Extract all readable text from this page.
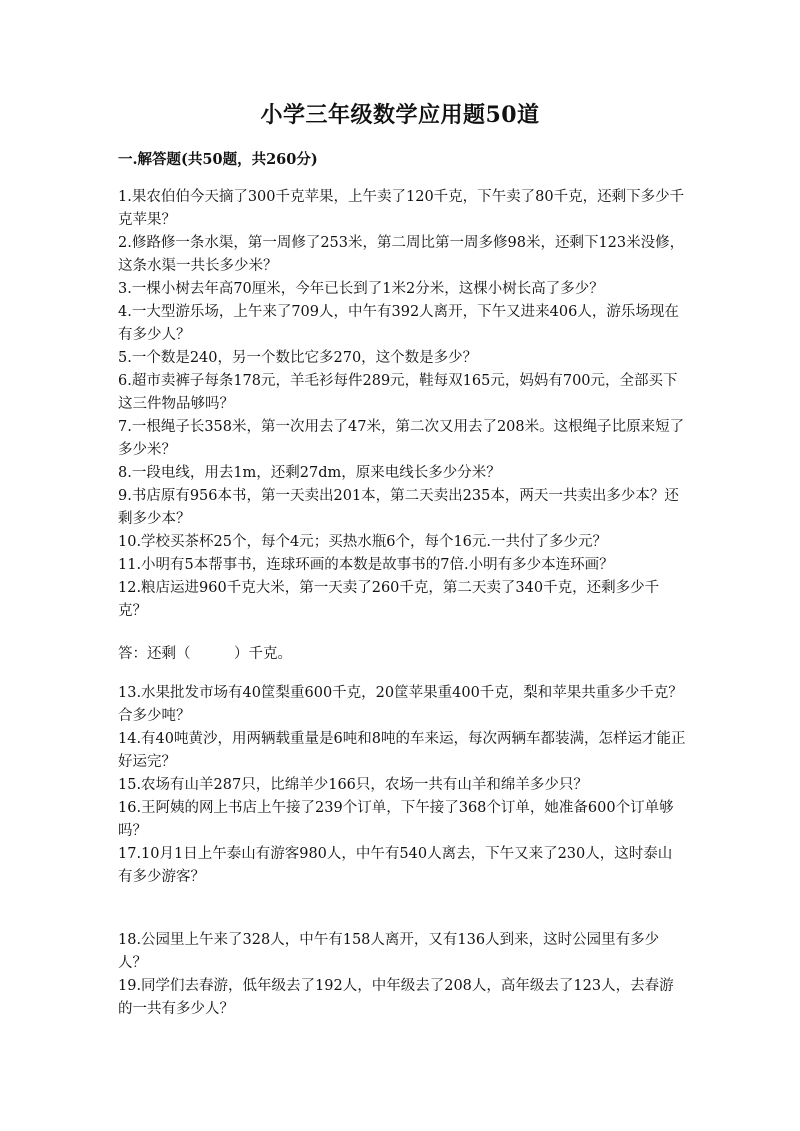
小学三年级数学应用题50道
一.解答题(共50题，共260分)

1.果农伯伯今天摘了300千克苹果，上午卖了120千克，下午卖了80千克，还剩下多少千克苹果？

2.修路修一条水渠，第一周修了253米，第二周比第一周多修98米，还剩下123米没修，这条水渠一共长多少米？

3.一棵小树去年高70厘米，今年已长到了1米2分米，这棵小树长高了多少？

4.一大型游乐场，上午来了709人，中午有392人离开，下午又进来406人，游乐场现在有多少人？

5.一个数是240，另一个数比它多270，这个数是多少？

6.超市卖裤子每条178元，羊毛衫每件289元，鞋每双165元，妈妈有700元，全部买下这三件物品够吗？

7.一根绳子长358米，第一次用去了47米，第二次又用去了208米。这根绳子比原来短了多少米？

8.一段电线，用去1m，还剩27dm，原来电线长多少分米？

9.书店原有956本书，第一天卖出201本，第二天卖出235本，两天一共卖出多少本？还剩多少本？

10.学校买茶杯25个，每个4元；买热水瓶6个，每个16元.一共付了多少元？

11.小明有5本帮事书，连球环画的本数是故事书的7倍.小明有多少本连环画？

12.粮店运进960千克大米，第一天卖了260千克，第二天卖了340千克，还剩多少千克？

答：还剩（　　　）千克。

13.水果批发市场有40筐梨重600千克，20筐苹果重400千克，梨和苹果共重多少千克？合多少吨？

14.有40吨黄沙，用两辆载重量是6吨和8吨的车来运，每次两辆车都装满，怎样运才能正好运完？

15.农场有山羊287只，比绵羊少166只，农场一共有山羊和绵羊多少只？

16.王阿姨的网上书店上午接了239个订单，下午接了368个订单，她准备600个订单够吗？

17.10月1日上午泰山有游客980人，中午有540人离去，下午又来了230人，这时泰山有多少游客？

18.公园里上午来了328人，中午有158人离开，又有136人到来，这时公园里有多少人？

19.同学们去春游，低年级去了192人，中年级去了208人，高年级去了123人，去春游的一共有多少人？
